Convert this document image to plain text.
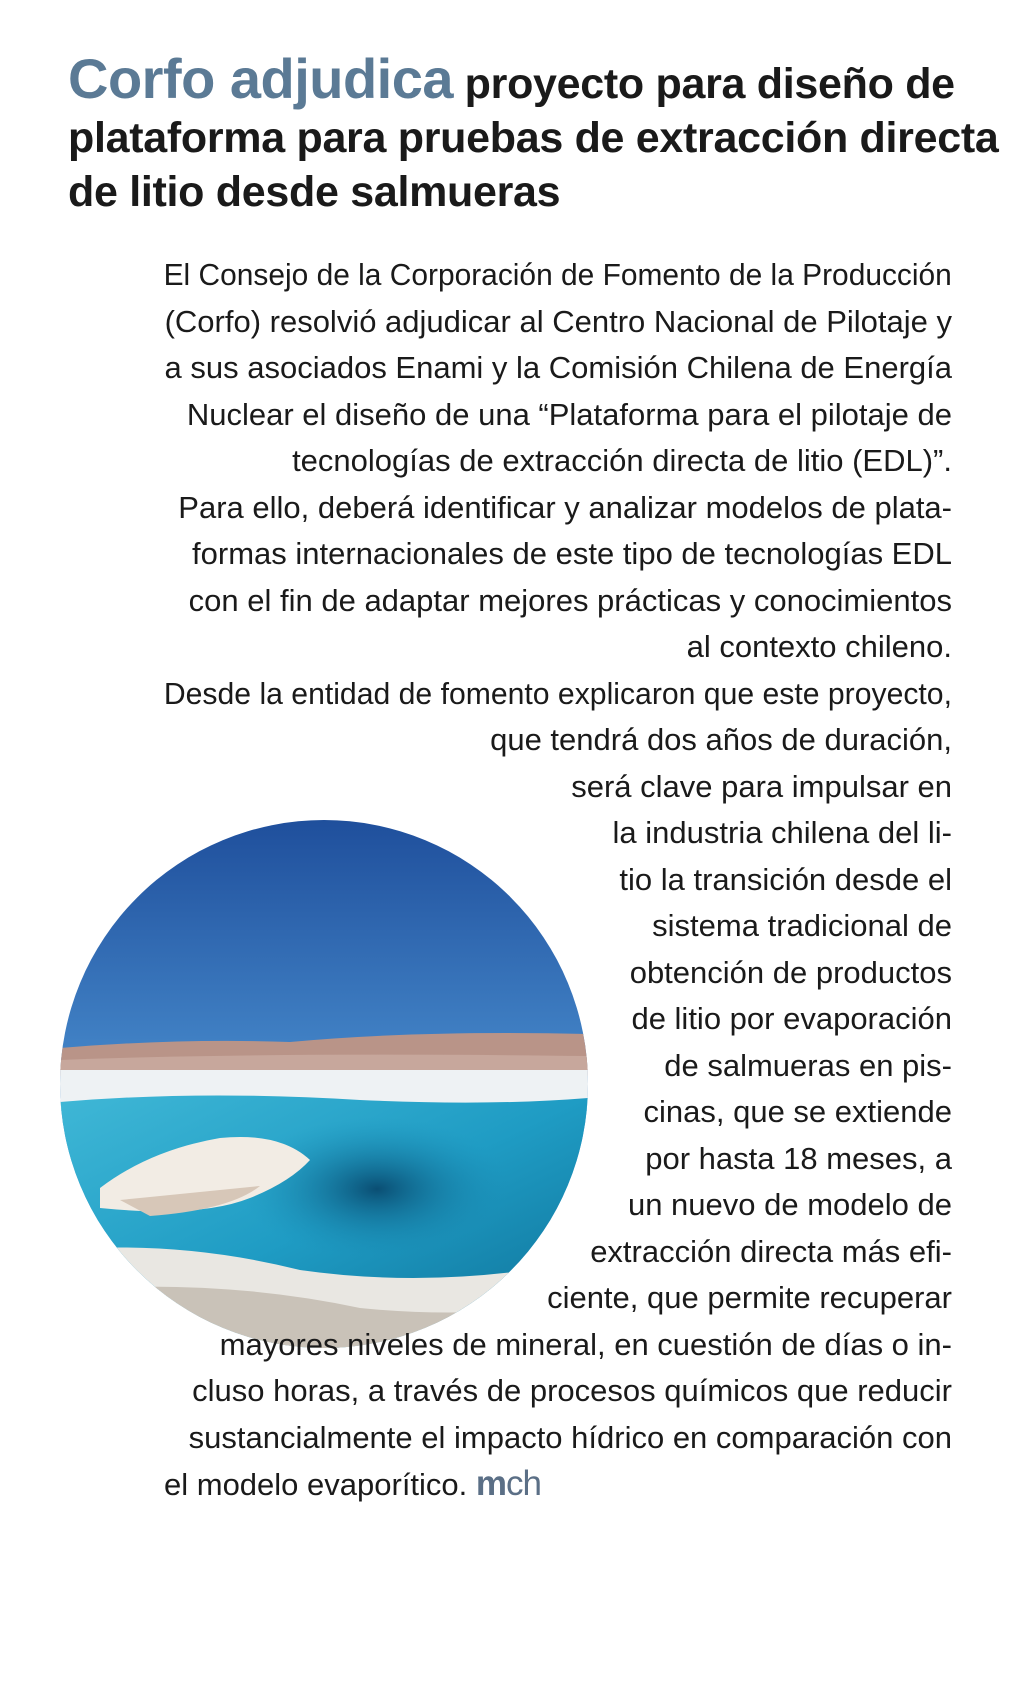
Corfo adjudica proyecto para diseño de plataforma para pruebas de extracción directa de litio desde salmueras

El Consejo de la Corporación de Fomento de la Producción

(Corfo) resolvió adjudicar al Centro Nacional de Pilotaje y

a sus asociados Enami y la Comisión Chilena de Energía

Nuclear el diseño de una “Plataforma para el pilotaje de

tecnologías de extracción directa de litio (EDL)”.

Para ello, deberá identificar y analizar modelos de plata-

formas internacionales de este tipo de tecnologías EDL

con el fin de adaptar mejores prácticas y conocimientos

al contexto chileno.

Desde la entidad de fomento explicaron que este proyecto,

que tendrá dos años de duración,

será clave para impulsar en

la industria chilena del li-

tio la transición desde el

sistema tradicional de

obtención de productos

de litio por evaporación

de salmueras en pis-

cinas, que se extiende

por hasta 18 meses, a

un nuevo de modelo de

extracción directa más efi-

ciente, que permite recuperar

mayores niveles de mineral, en cuestión de días o in-

cluso horas, a través de procesos químicos que reducir

sustancialmente el impacto hídrico en comparación con

el modelo evaporítico. mch
